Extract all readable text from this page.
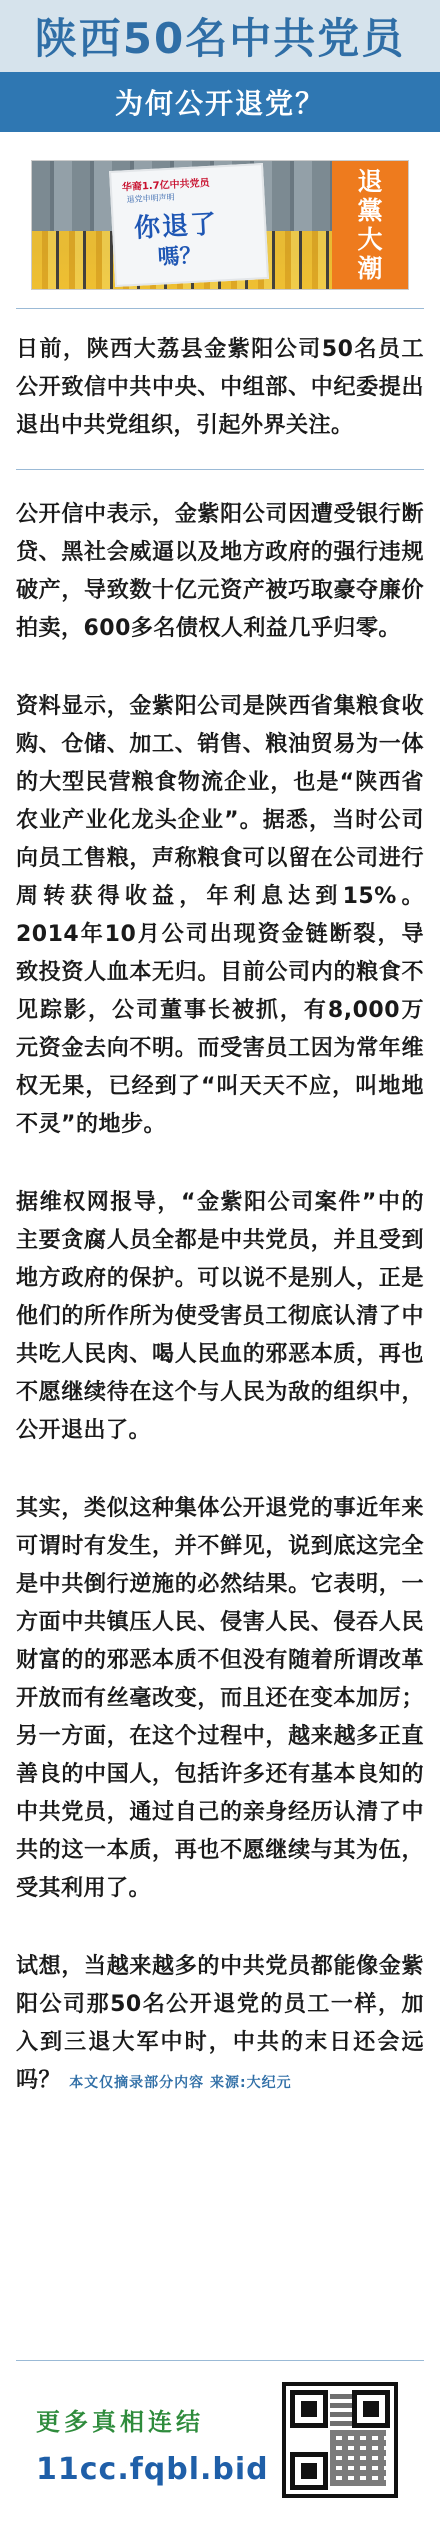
陕西50名中共党员
为何公开退党？
华裔1.7亿中共党员
退党申明声明
你退了
嗎？
退
黨
大
潮

日前，陕西大荔县金紫阳公司50名员工公开致信中共中央、中组部、中纪委提出退出中共党组织，引起外界关注。

公开信中表示，金紫阳公司因遭受银行断贷、黑社会威逼以及地方政府的强行违规破产，导致数十亿元资产被巧取豪夺廉价拍卖，600多名债权人利益几乎归零。

资料显示，金紫阳公司是陕西省集粮食收购、仓储、加工、销售、粮油贸易为一体的大型民营粮食物流企业，也是“陕西省农业产业化龙头企业”。据悉，当时公司向员工售粮，声称粮食可以留在公司进行周转获得收益，年利息达到15%。2014年10月公司出现资金链断裂，导致投资人血本无归。目前公司内的粮食不见踪影，公司董事长被抓，有8,000万元资金去向不明。而受害员工因为常年维权无果，已经到了“叫天天不应，叫地地不灵”的地步。

据维权网报导，“金紫阳公司案件”中的主要贪腐人员全都是中共党员，并且受到地方政府的保护。可以说不是别人，正是他们的所作所为使受害员工彻底认清了中共吃人民肉、喝人民血的邪恶本质，再也不愿继续待在这个与人民为敌的组织中，公开退出了。

其实，类似这种集体公开退党的事近年来可谓时有发生，并不鲜见，说到底这完全是中共倒行逆施的必然结果。它表明，一方面中共镇压人民、侵害人民、侵吞人民财富的的邪恶本质不但没有随着所谓改革开放而有丝毫改变，而且还在变本加厉；另一方面，在这个过程中，越来越多正直善良的中国人，包括许多还有基本良知的中共党员，通过自己的亲身经历认清了中共的这一本质，再也不愿继续与其为伍，受其利用了。

试想，当越来越多的中共党员都能像金紫阳公司那50名公开退党的员工一样，加入到三退大军中时，中共的末日还会远吗？ 本文仅摘录部分内容 来源:大纪元

更多真相连结
11cc.fqbl.bid
